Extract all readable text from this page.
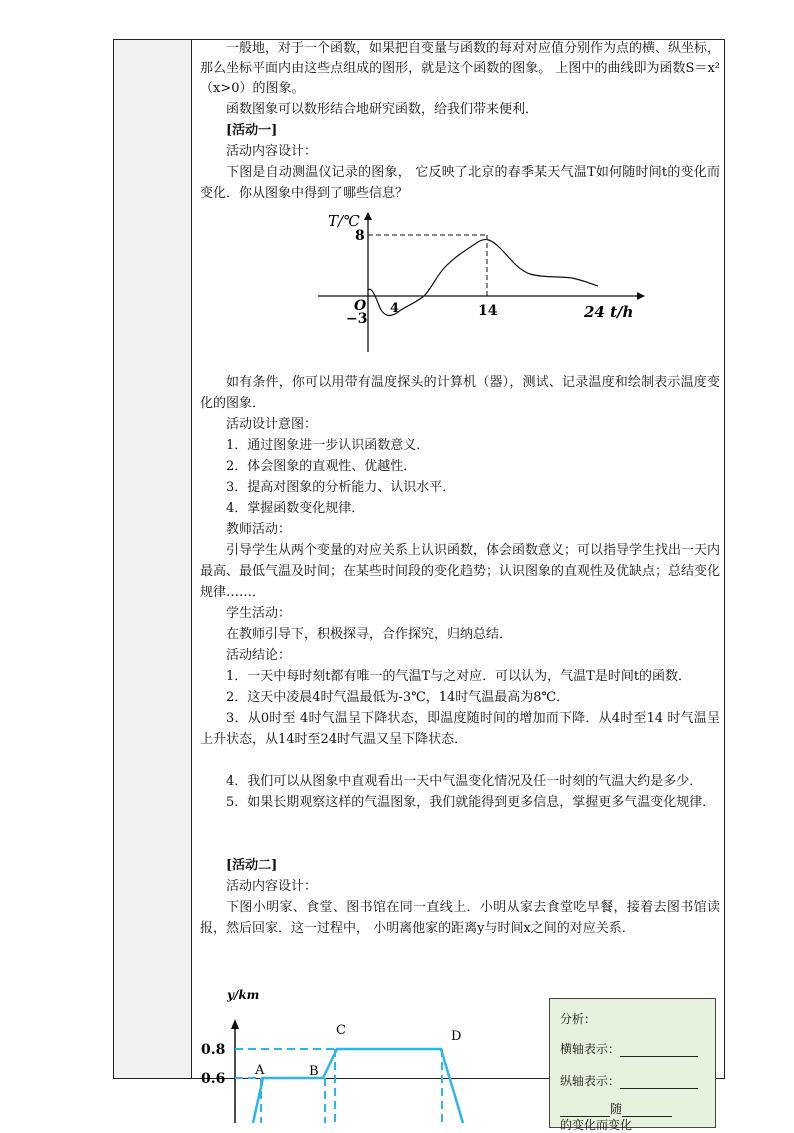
一般地，对于一个函数，如果把自变量与函数的每对对应值分别作为点的横、纵坐标，那么坐标平面内由这些点组成的图形，就是这个函数的图象。 上图中的曲线即为函数S＝x²（x>0）的图象。

函数图象可以数形结合地研究函数，给我们带来便利．

[活动一]

活动内容设计：

下图是自动测温仪记录的图象， 它反映了北京的春季某天气温T如何随时间t的变化而变化．你从图象中得到了哪些信息？

T/℃
8
O
−3
4	14	24 t/h

如有条件，你可以用带有温度探头的计算机（器），测试、记录温度和绘制表示温度变化的图象．

活动设计意图：

1．通过图象进一步认识函数意义．

2．体会图象的直观性、优越性．

3．提高对图象的分析能力、认识水平．

4．掌握函数变化规律．

教师活动：

引导学生从两个变量的对应关系上认识函数，体会函数意义；可以指导学生找出一天内最高、最低气温及时间；在某些时间段的变化趋势；认识图象的直观性及优缺点；总结变化规律……．

学生活动：

在教师引导下，积极探寻，合作探究，归纳总结．

活动结论：

1．一天中每时刻t都有唯一的气温T与之对应．可以认为，气温T是时间t的函数．

2．这天中凌晨4时气温最低为-3℃，14时气温最高为8℃．

3．从0时至 4时气温呈下降状态，即温度随时间的增加而下降．从4时至14 时气温呈上升状态，从14时至24时气温又呈下降状态．

4．我们可以从图象中直观看出一天中气温变化情况及任一时刻的气温大约是多少．

5．如果长期观察这样的气温图象，我们就能得到更多信息，掌握更多气温变化规律．

[活动二]

活动内容设计：

下图小明家、食堂、图书馆在同一直线上．小明从家去食堂吃早餐，接着去图书馆读报，然后回家．这一过程中， 小明离他家的距离y与时间x之间的对应关系．

y/km
0.8
0.6
A	B
C	D

分析：

横轴表示：

纵轴表示：

随

的变化而变化
